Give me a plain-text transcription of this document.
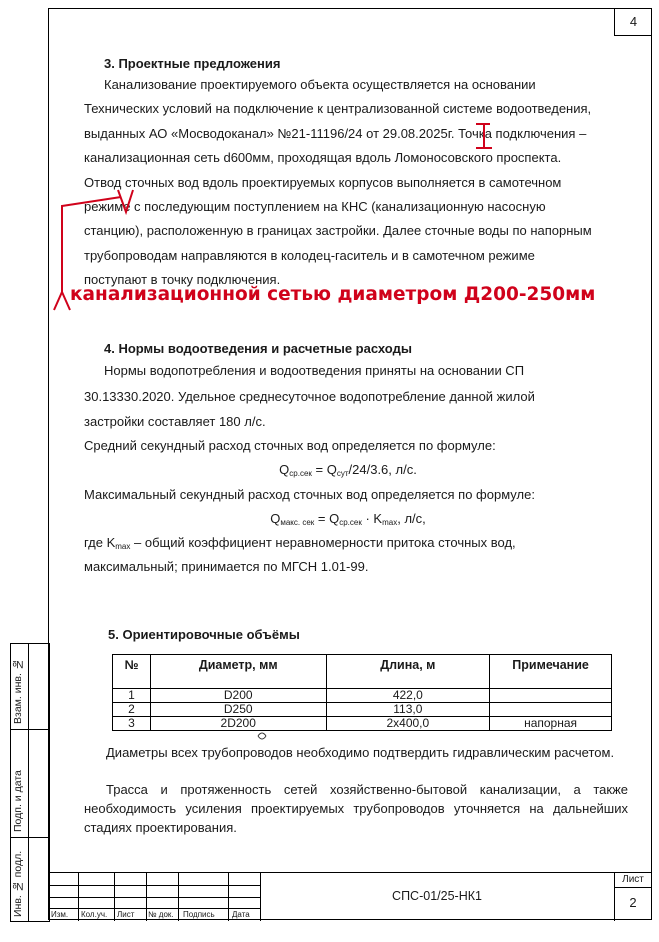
4
3. Проектные предложения
Канализование проектируемого объекта осуществляется на основании
Технических условий на подключение к централизованной системе водоотведения,
выданных АО «Мосводоканал» №21-11196/24 от 29.08.2025г. Точка подключения –
канализационная сеть d600мм, проходящая вдоль Ломоносовского проспекта.
Отвод сточных вод вдоль проектируемых корпусов выполняется в самотечном
режиме с последующим поступлением на КНС (канализационную насосную
станцию), расположенную в границах застройки. Далее сточные воды по напорным
трубопроводам направляются в колодец-гаситель и в самотечном режиме
поступают в точку подключения.
канализационной сетью диаметром Д200-250мм
4. Нормы водоотведения и расчетные расходы
Нормы водопотребления и водоотведения приняты на основании СП
30.13330.2020. Удельное среднесуточное водопотребление данной жилой
застройки составляет 180 л/с.
Средний секундный расход сточных вод определяется по формуле:
$Q_{ср.сек} = Q_{сут}/24/3.6$, л/с.
Максимальный секундный расход сточных вод определяется по формуле:
$Q_{макс. сек} = Q_{ср.сек} \cdot K_{max}$, л/с,
где $K_{max}$ – общий коэффициент неравномерности притока сточных вод,
максимальный; принимается по МГСН 1.01-99.
5. Ориентировочные объёмы
№	Диаметр, мм	Длина, м	Примечание
1	D200	422,0	
2	D250	113,0	
3	2D200	2x400,0	напорная
Диаметры всех трубопроводов необходимо подтвердить гидравлическим расчетом.
Трасса и протяженность сетей хозяйственно-бытовой канализации, а также необходимость усиления проектируемых трубопроводов уточняется на дальнейших стадиях проектирования.
Взам. инв. №
Подп. и дата
Инв. № подл.	Изм. Кол.уч. Лист № док. Подпись Дата
СПС-01/25-НК1
Лист
2
